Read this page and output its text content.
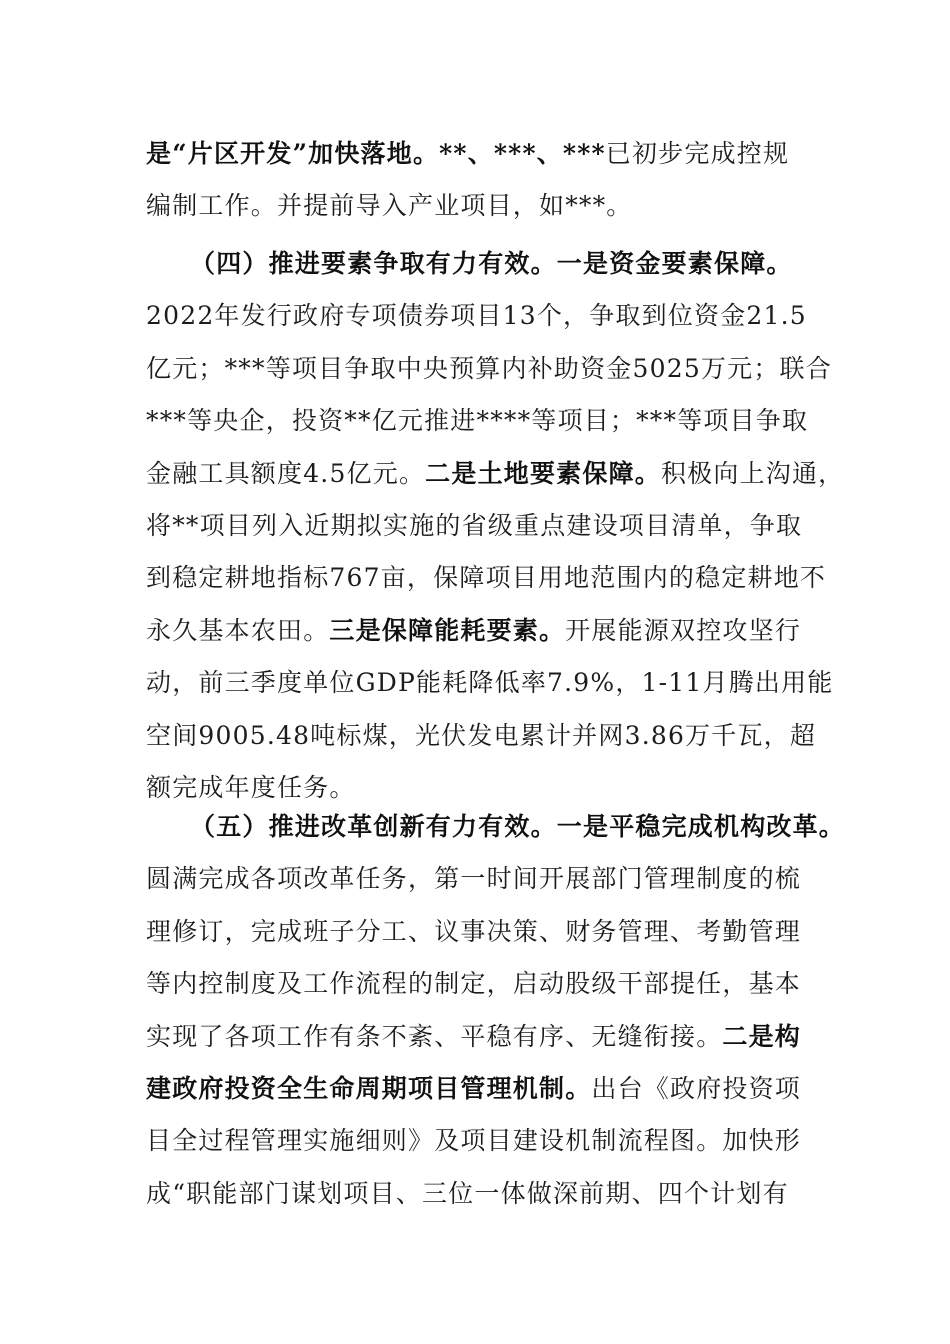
是“片区开发”加快落地。**、***、***已初步完成控规
编制工作。并提前导入产业项目，如***。
（四）推进要素争取有力有效。一是资金要素保障。
2022年发行政府专项债券项目13个，争取到位资金21.5
亿元；***等项目争取中央预算内补助资金5025万元；联合
***等央企，投资**亿元推进****等项目；***等项目争取
金融工具额度4.5亿元。二是土地要素保障。积极向上沟通，
将**项目列入近期拟实施的省级重点建设项目清单，争取
到稳定耕地指标767亩，保障项目用地范围内的稳定耕地不
永久基本农田。三是保障能耗要素。开展能源双控攻坚行
动，前三季度单位GDP能耗降低率7.9%，1-11月腾出用能
空间9005.48吨标煤，光伏发电累计并网3.86万千瓦，超
额完成年度任务。
（五）推进改革创新有力有效。一是平稳完成机构改革。
圆满完成各项改革任务，第一时间开展部门管理制度的梳
理修订，完成班子分工、议事决策、财务管理、考勤管理
等内控制度及工作流程的制定，启动股级干部提任，基本
实现了各项工作有条不紊、平稳有序、无缝衔接。二是构
建政府投资全生命周期项目管理机制。出台《政府投资项
目全过程管理实施细则》及项目建设机制流程图。加快形
成“职能部门谋划项目、三位一体做深前期、四个计划有
